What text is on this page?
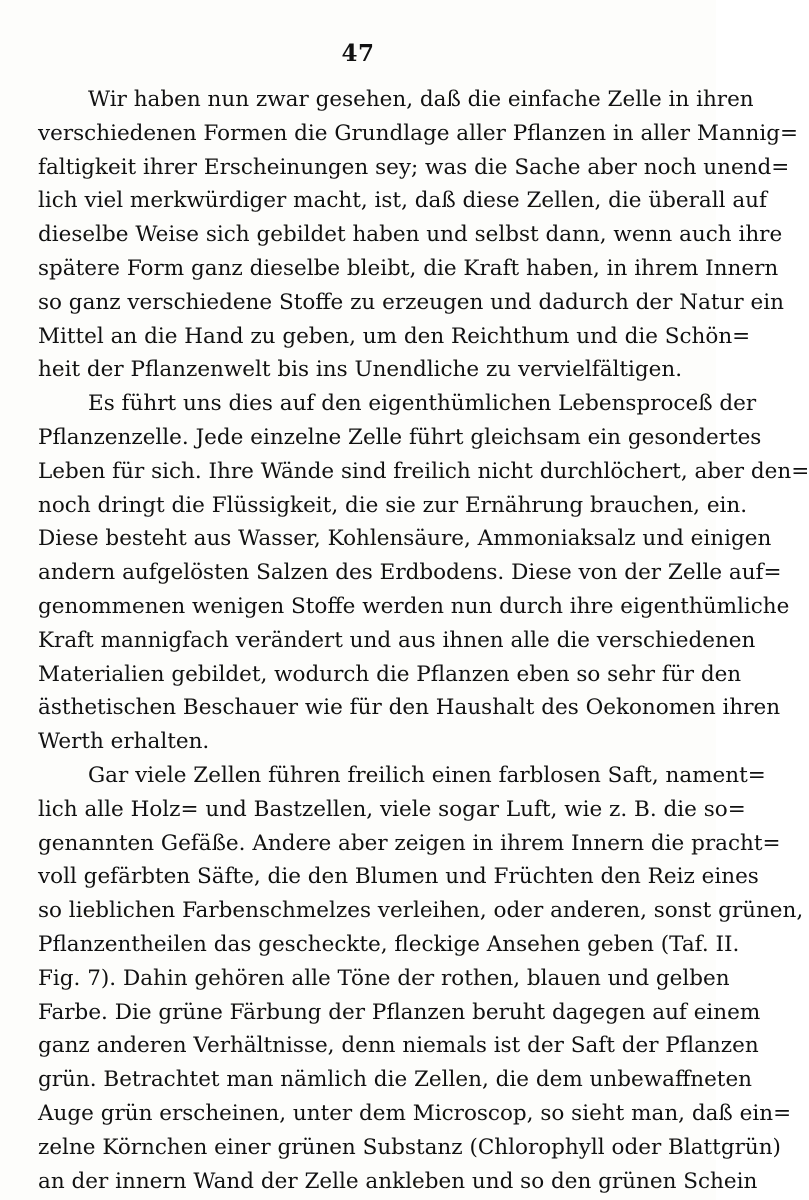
47
Wir haben nun zwar gesehen, daß die einfache Zelle in ihren
verschiedenen Formen die Grundlage aller Pflanzen in aller Mannig=
faltigkeit ihrer Erscheinungen sey; was die Sache aber noch unend=
lich viel merkwürdiger macht, ist, daß diese Zellen, die überall auf
dieselbe Weise sich gebildet haben und selbst dann, wenn auch ihre
spätere Form ganz dieselbe bleibt, die Kraft haben, in ihrem Innern
so ganz verschiedene Stoffe zu erzeugen und dadurch der Natur ein
Mittel an die Hand zu geben, um den Reichthum und die Schön=
heit der Pflanzenwelt bis ins Unendliche zu vervielfältigen.
Es führt uns dies auf den eigenthümlichen Lebensproceß der
Pflanzenzelle. Jede einzelne Zelle führt gleichsam ein gesondertes
Leben für sich. Ihre Wände sind freilich nicht durchlöchert, aber den=
noch dringt die Flüssigkeit, die sie zur Ernährung brauchen, ein.
Diese besteht aus Wasser, Kohlensäure, Ammoniaksalz und einigen
andern aufgelösten Salzen des Erdbodens. Diese von der Zelle auf=
genommenen wenigen Stoffe werden nun durch ihre eigenthümliche
Kraft mannigfach verändert und aus ihnen alle die verschiedenen
Materialien gebildet, wodurch die Pflanzen eben so sehr für den
ästhetischen Beschauer wie für den Haushalt des Oekonomen ihren
Werth erhalten.
Gar viele Zellen führen freilich einen farblosen Saft, nament=
lich alle Holz= und Bastzellen, viele sogar Luft, wie z. B. die so=
genannten Gefäße. Andere aber zeigen in ihrem Innern die pracht=
voll gefärbten Säfte, die den Blumen und Früchten den Reiz eines
so lieblichen Farbenschmelzes verleihen, oder anderen, sonst grünen,
Pflanzentheilen das gescheckte, fleckige Ansehen geben (Taf. II.
Fig. 7). Dahin gehören alle Töne der rothen, blauen und gelben
Farbe. Die grüne Färbung der Pflanzen beruht dagegen auf einem
ganz anderen Verhältnisse, denn niemals ist der Saft der Pflanzen
grün. Betrachtet man nämlich die Zellen, die dem unbewaffneten
Auge grün erscheinen, unter dem Microscop, so sieht man, daß ein=
zelne Körnchen einer grünen Substanz (Chlorophyll oder Blattgrün)
an der innern Wand der Zelle ankleben und so den grünen Schein
